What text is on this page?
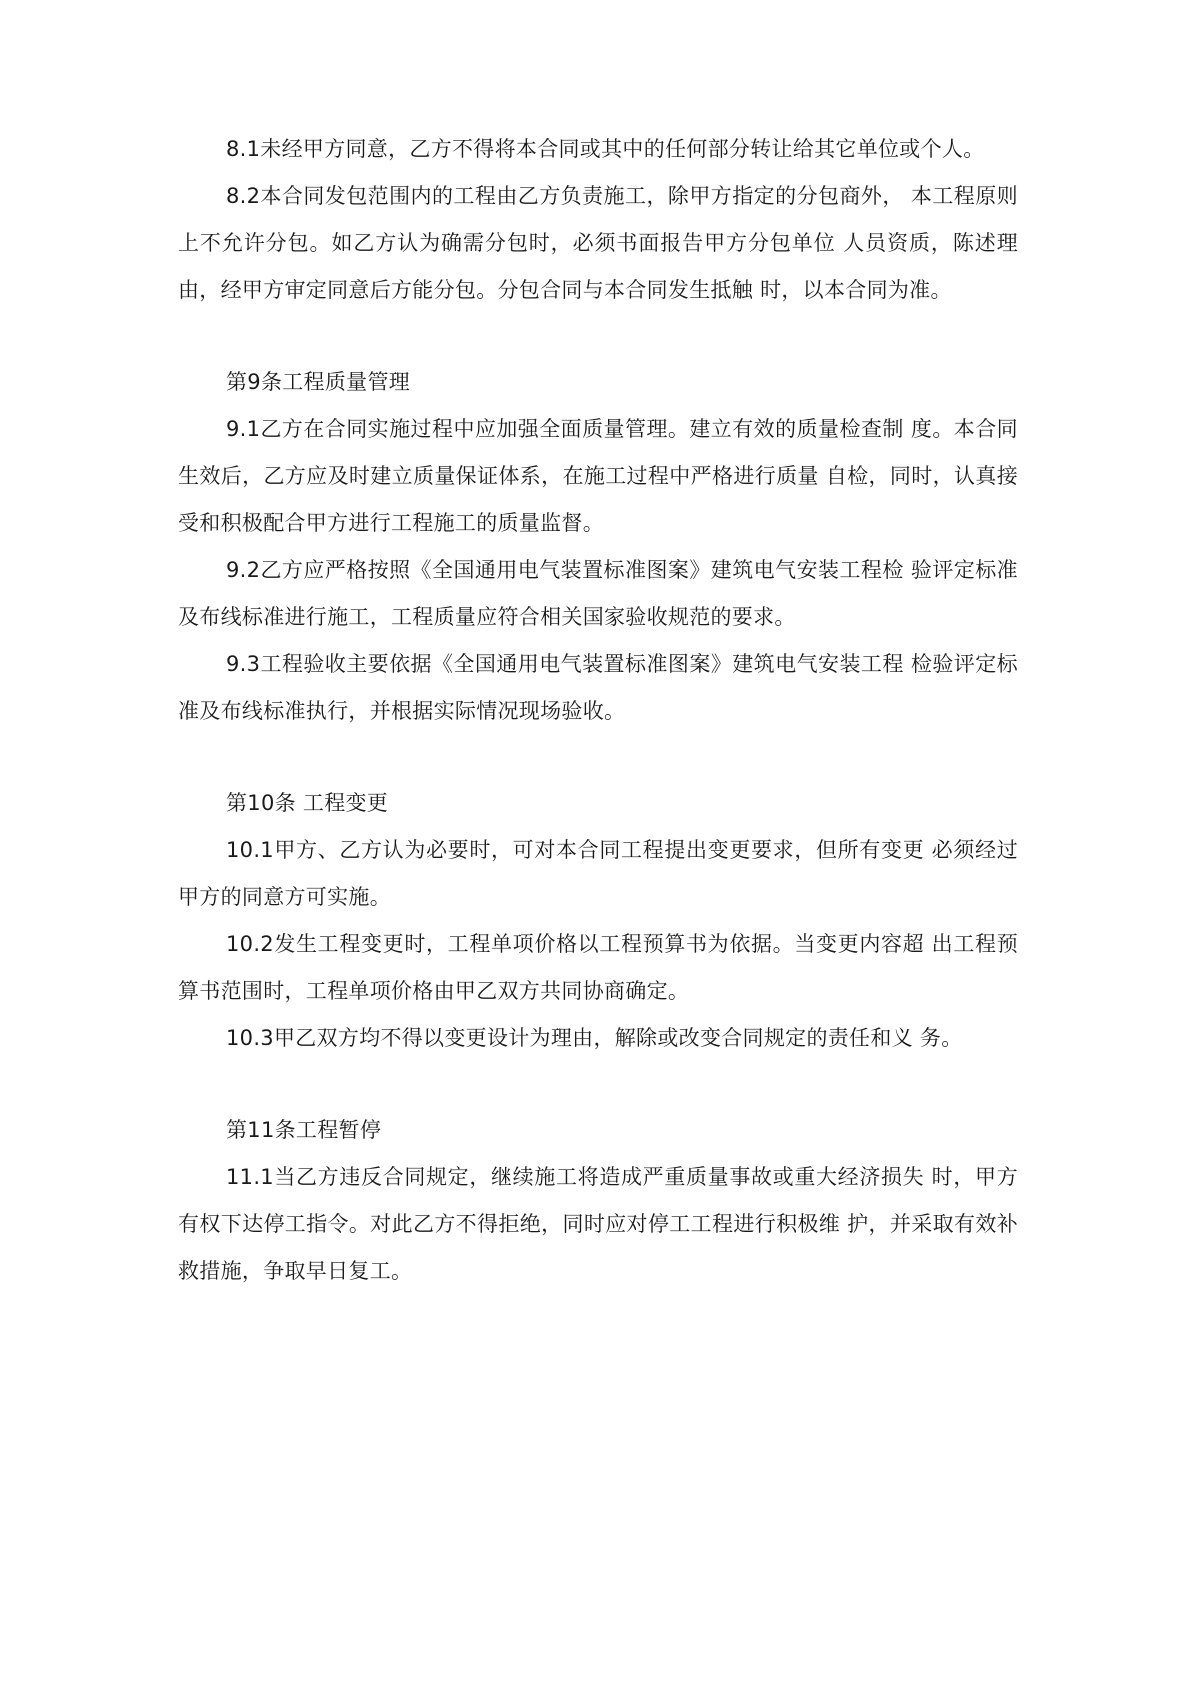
8.1未经甲方同意，乙方不得将本合同或其中的任何部分转让给其它单位或个人。

8.2本合同发包范围内的工程由乙方负责施工，除甲方指定的分包商外， 本工程原则上不允许分包。如乙方认为确需分包时，必须书面报告甲方分包单位 人员资质，陈述理由，经甲方审定同意后方能分包。分包合同与本合同发生抵触 时，以本合同为准。

第9条工程质量管理

9.1乙方在合同实施过程中应加强全面质量管理。建立有效的质量检查制 度。本合同生效后，乙方应及时建立质量保证体系，在施工过程中严格进行质量 自检，同时，认真接受和积极配合甲方进行工程施工的质量监督。

9.2乙方应严格按照《全国通用电气装置标准图案》建筑电气安装工程检 验评定标准及布线标准进行施工，工程质量应符合相关国家验收规范的要求。

9.3工程验收主要依据《全国通用电气装置标准图案》建筑电气安装工程 检验评定标准及布线标准执行，并根据实际情况现场验收。

第10条 工程变更

10.1甲方、乙方认为必要时，可对本合同工程提出变更要求，但所有变更 必须经过甲方的同意方可实施。

10.2发生工程变更时，工程单项价格以工程预算书为依据。当变更内容超 出工程预算书范围时，工程单项价格由甲乙双方共同协商确定。

10.3甲乙双方均不得以变更设计为理由，解除或改变合同规定的责任和义 务。

第11条工程暂停

11.1当乙方违反合同规定，继续施工将造成严重质量事故或重大经济损失 时，甲方有权下达停工指令。对此乙方不得拒绝，同时应对停工工程进行积极维 护，并采取有效补救措施，争取早日复工。
